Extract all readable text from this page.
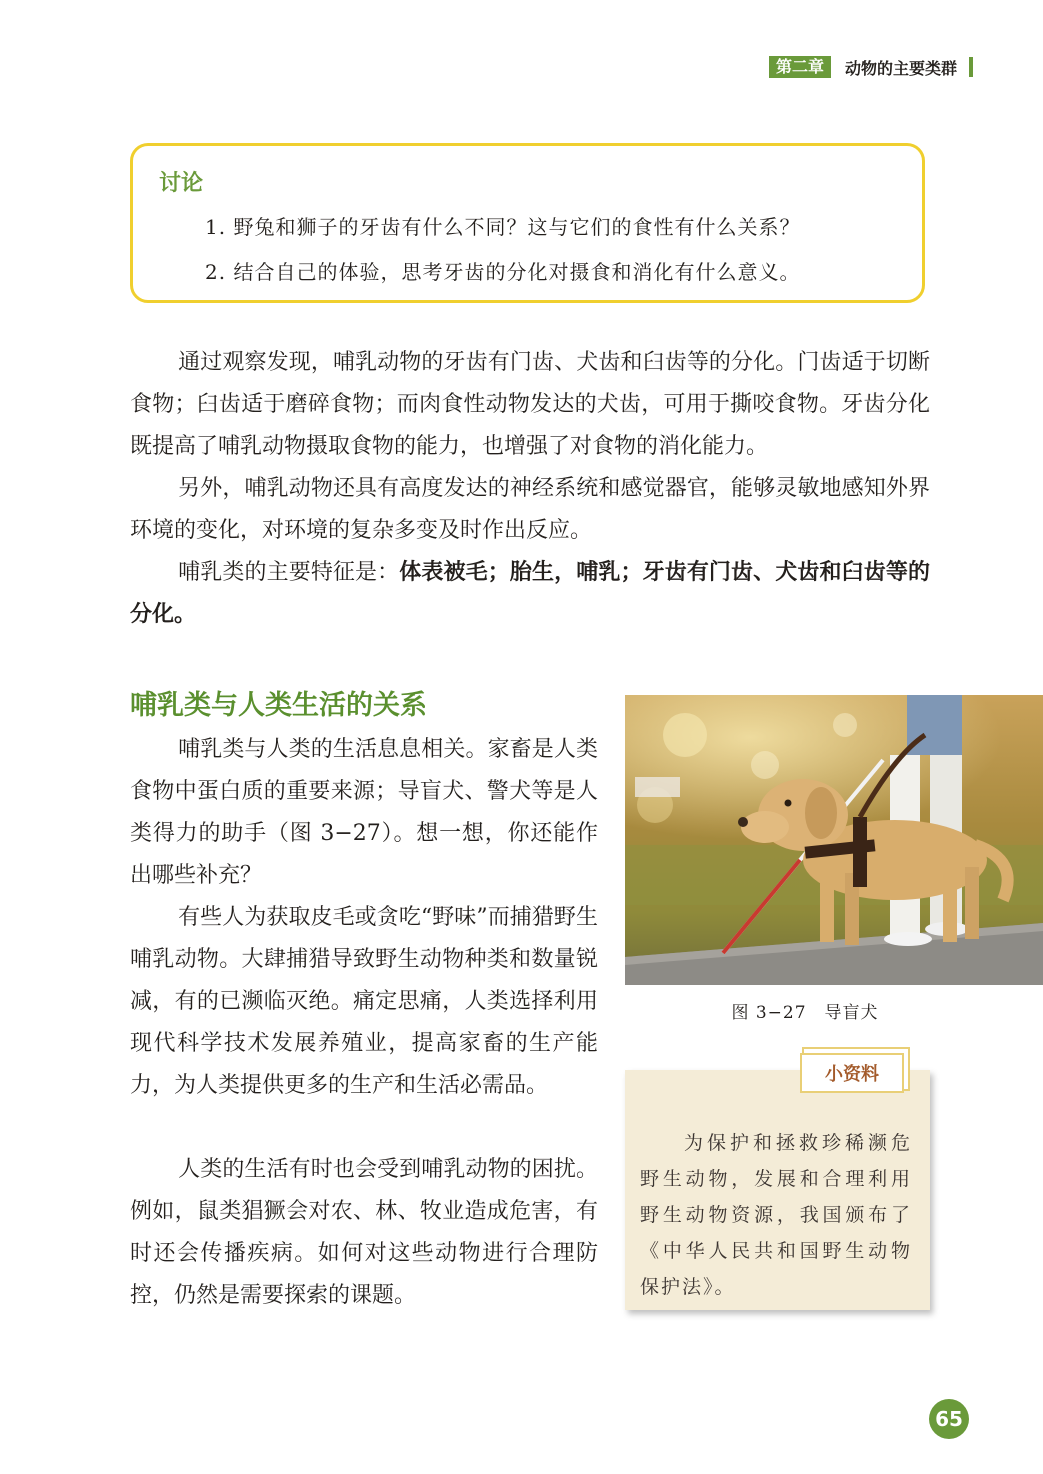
第二章	动物的主要类群
讨论
1. 野兔和狮子的牙齿有什么不同？这与它们的食性有什么关系？
2. 结合自己的体验，思考牙齿的分化对摄食和消化有什么意义。

通过观察发现，哺乳动物的牙齿有门齿、犬齿和臼齿等的分化。门齿适于切断食物；臼齿适于磨碎食物；而肉食性动物发达的犬齿，可用于撕咬食物。牙齿分化既提高了哺乳动物摄取食物的能力，也增强了对食物的消化能力。

另外，哺乳动物还具有高度发达的神经系统和感觉器官，能够灵敏地感知外界环境的变化，对环境的复杂多变及时作出反应。

哺乳类的主要特征是：体表被毛；胎生，哺乳；牙齿有门齿、犬齿和臼齿等的分化。

哺乳类与人类生活的关系

哺乳类与人类的生活息息相关。家畜是人类食物中蛋白质的重要来源；导盲犬、警犬等是人类得力的助手（图 3−27）。想一想，你还能作出哪些补充？

有些人为获取皮毛或贪吃“野味”而捕猎野生哺乳动物。大肆捕猎导致野生动物种类和数量锐减，有的已濒临灭绝。痛定思痛，人类选择利用现代科学技术发展养殖业，提高家畜的生产能力，为人类提供更多的生产和生活必需品。

人类的生活有时也会受到哺乳动物的困扰。例如，鼠类猖獗会对农、林、牧业造成危害，有时还会传播疾病。如何对这些动物进行合理防控，仍然是需要探索的课题。

图 3−27　导盲犬
小资料

为保护和拯救珍稀濒危野生动物，发展和合理利用野生动物资源，我国颁布了《中华人民共和国野生动物保护法》。

65
